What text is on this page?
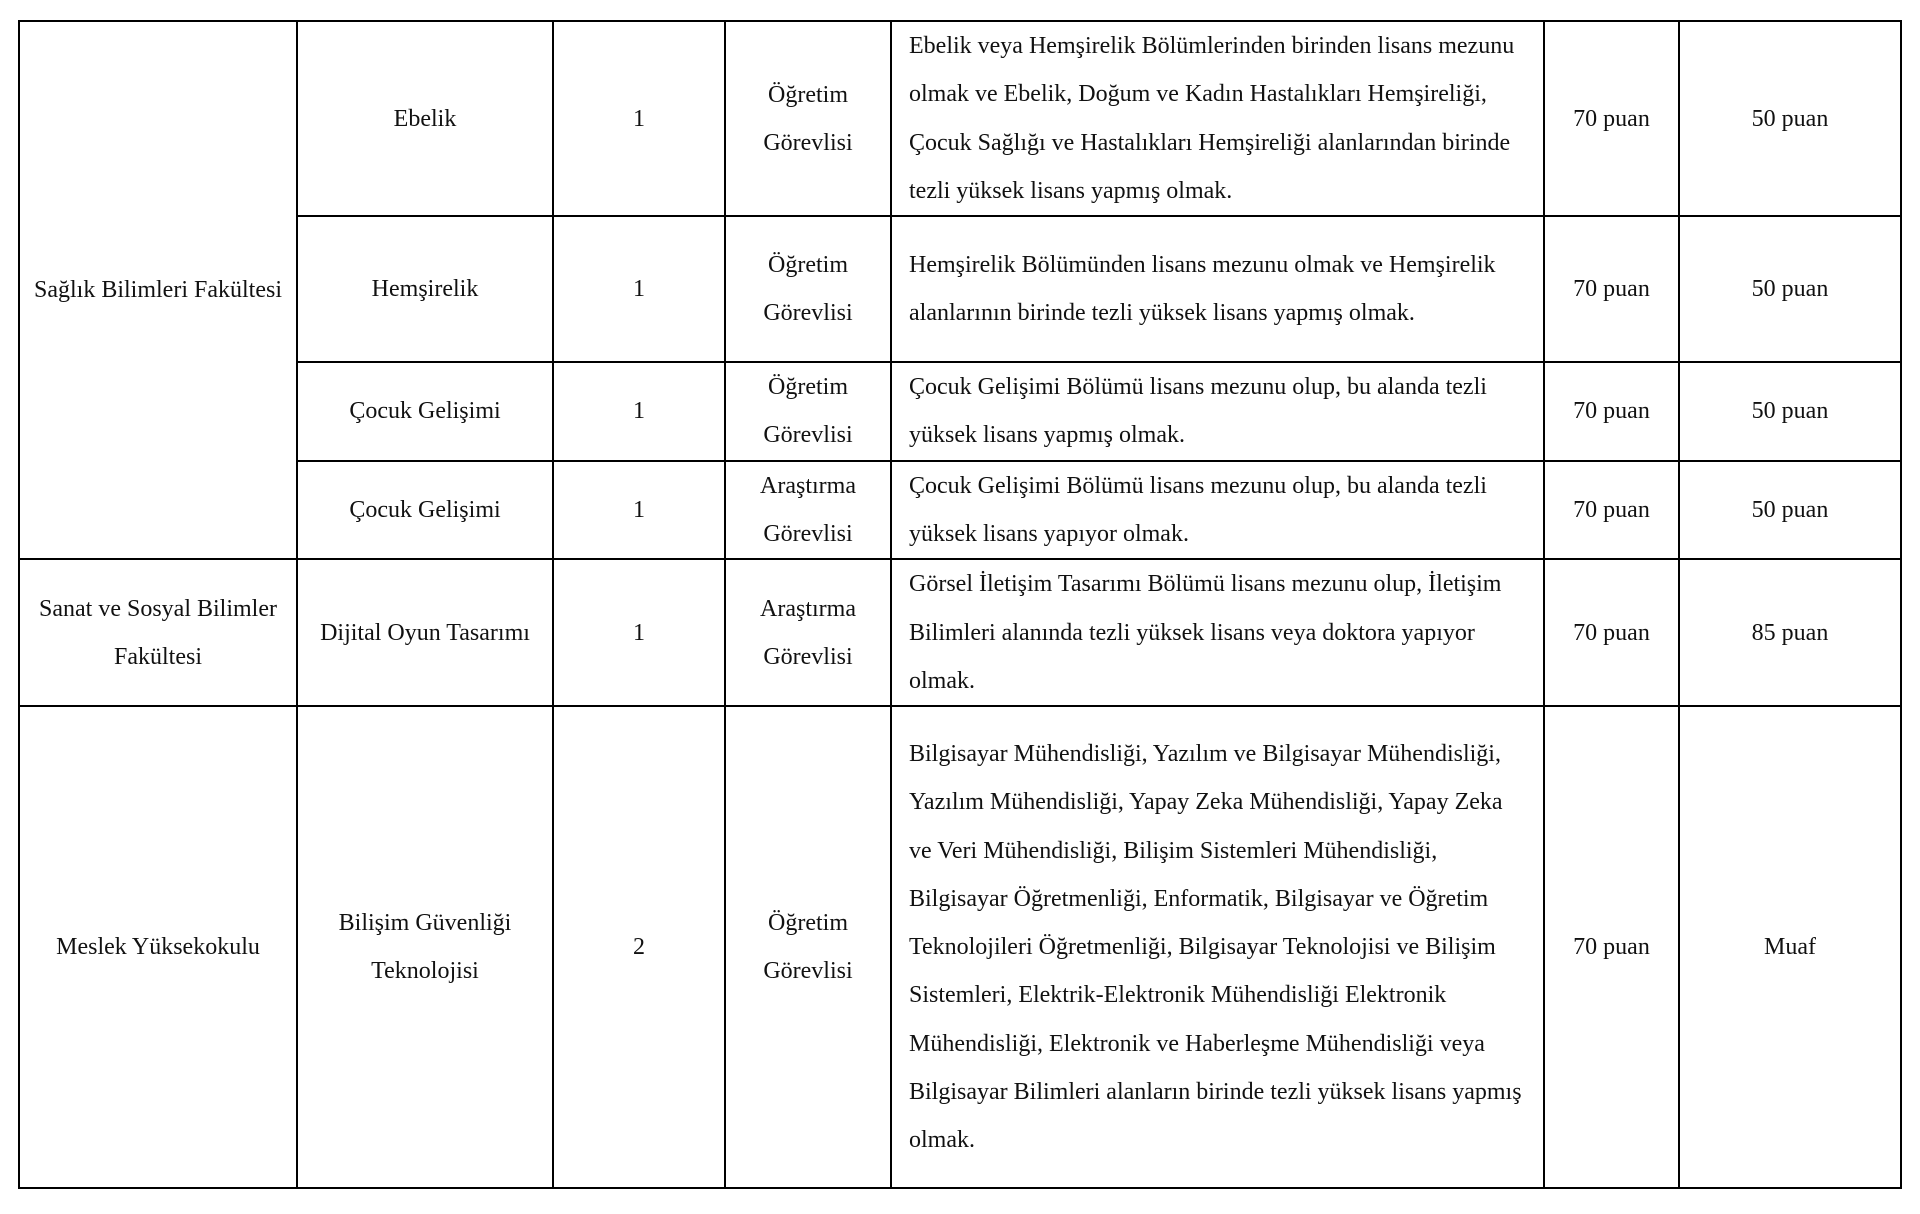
Sağlık Bilimleri Fakültesi	Ebelik	1	Öğretim Görevlisi	Ebelik veya Hemşirelik Bölümlerinden birinden lisans mezunu olmak ve Ebelik, Doğum ve Kadın Hastalıkları Hemşireliği, Çocuk Sağlığı ve Hastalıkları Hemşireliği alanlarından birinde tezli yüksek lisans yapmış olmak.	70 puan	50 puan
	Hemşirelik	1	Öğretim Görevlisi	Hemşirelik Bölümünden lisans mezunu olmak ve Hemşirelik alanlarının birinde tezli yüksek lisans yapmış olmak.	70 puan	50 puan
	Çocuk Gelişimi	1	Öğretim Görevlisi	Çocuk Gelişimi Bölümü lisans mezunu olup, bu alanda tezli yüksek lisans yapmış olmak.	70 puan	50 puan
	Çocuk Gelişimi	1	Araştırma Görevlisi	Çocuk Gelişimi Bölümü lisans mezunu olup, bu alanda tezli yüksek lisans yapıyor olmak.	70 puan	50 puan
Sanat ve Sosyal Bilimler Fakültesi	Dijital Oyun Tasarımı	1	Araştırma Görevlisi	Görsel İletişim Tasarımı Bölümü lisans mezunu olup, İletişim Bilimleri alanında tezli yüksek lisans veya doktora yapıyor olmak.	70 puan	85 puan
Meslek Yüksekokulu	Bilişim Güvenliği Teknolojisi	2	Öğretim Görevlisi	Bilgisayar Mühendisliği, Yazılım ve Bilgisayar Mühendisliği, Yazılım Mühendisliği, Yapay Zeka Mühendisliği, Yapay Zeka ve Veri Mühendisliği, Bilişim Sistemleri Mühendisliği, Bilgisayar Öğretmenliği, Enformatik, Bilgisayar ve Öğretim Teknolojileri Öğretmenliği, Bilgisayar Teknolojisi ve Bilişim Sistemleri, Elektrik-Elektronik Mühendisliği Elektronik Mühendisliği, Elektronik ve Haberleşme Mühendisliği veya Bilgisayar Bilimleri alanların birinde tezli yüksek lisans yapmış olmak.	70 puan	Muaf
